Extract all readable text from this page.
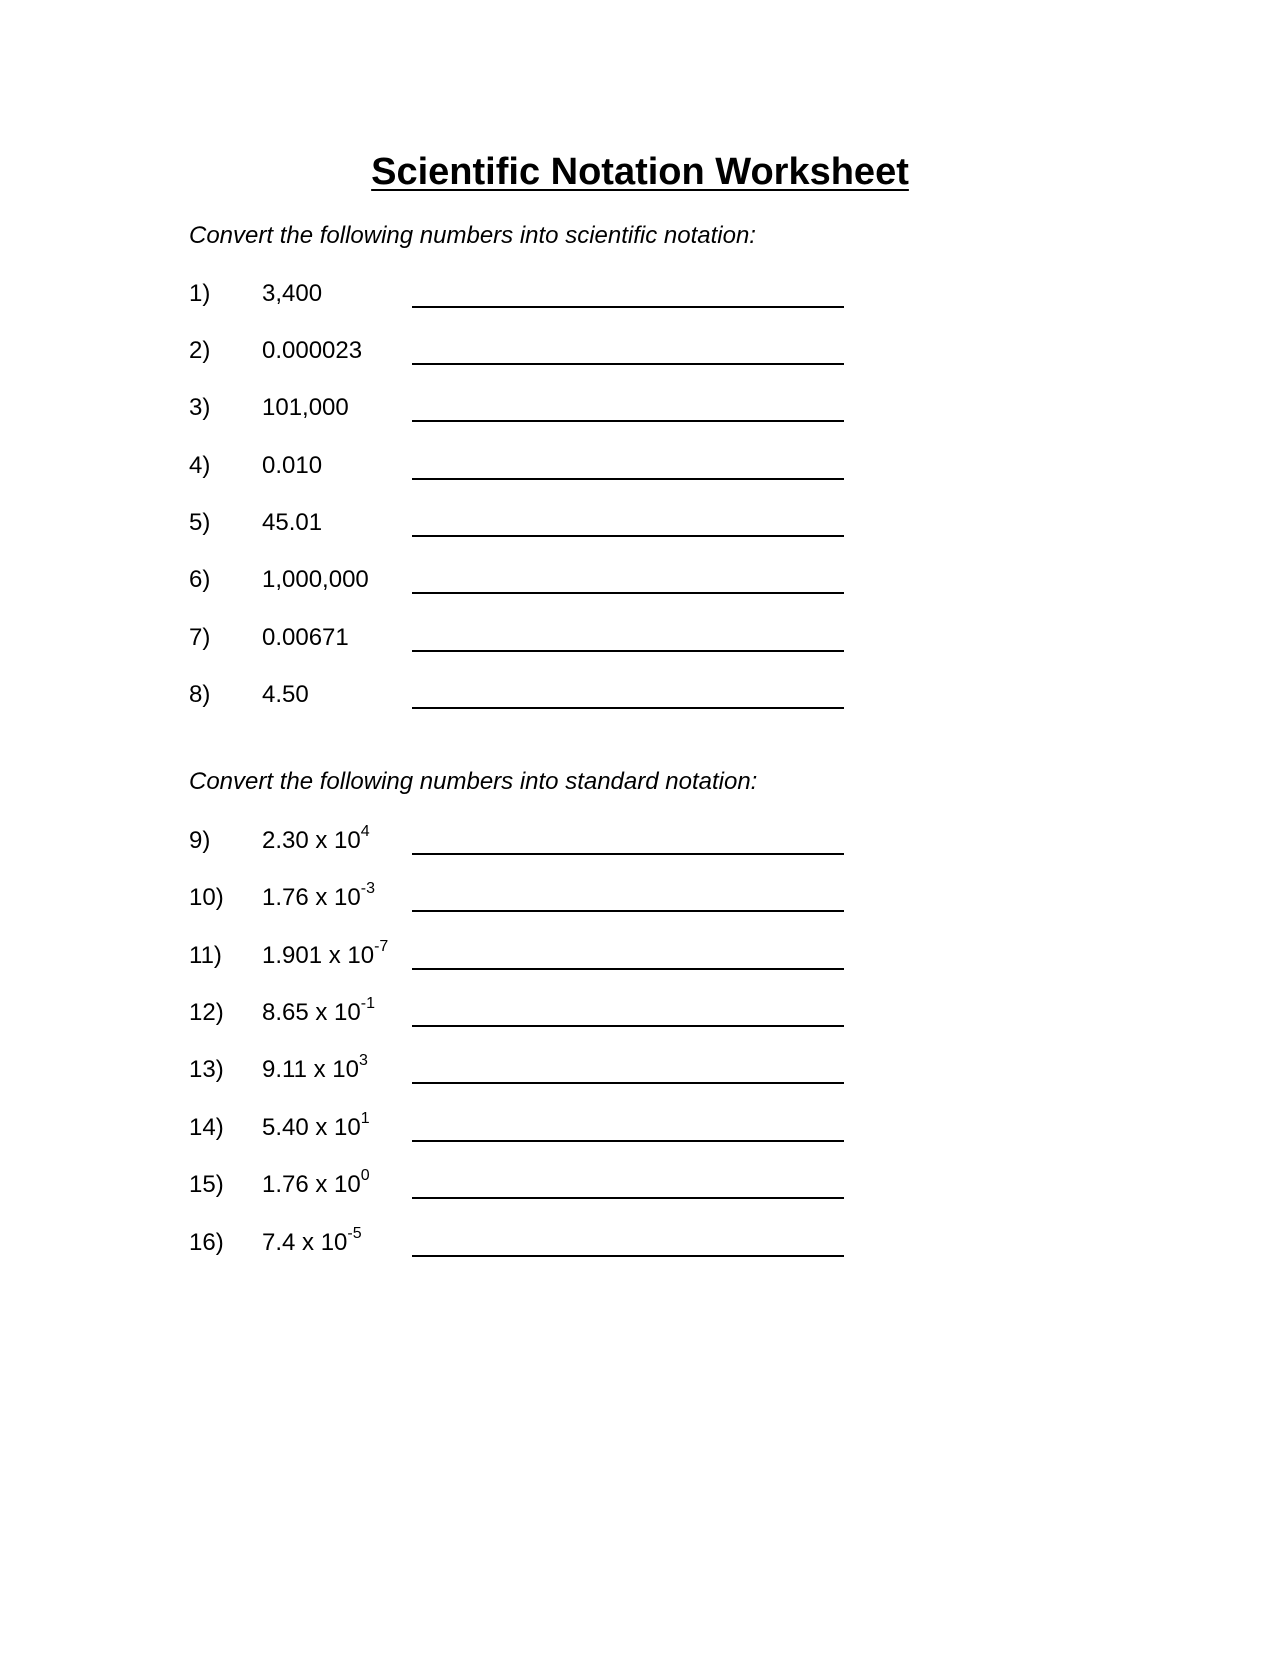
Scientific Notation Worksheet
Convert the following numbers into scientific notation:
1) 3,400
2) 0.000023
3) 101,000
4) 0.010
5) 45.01
6) 1,000,000
7) 0.00671
8) 4.50
Convert the following numbers into standard notation:
9) 2.30 x $10^4$
10) 1.76 x $10^{-3}$
11) 1.901 x $10^{-7}$
12) 8.65 x $10^{-1}$
13) 9.11 x $10^3$
14) 5.40 x $10^1$
15) 1.76 x $10^0$
16) 7.4 x $10^{-5}$
